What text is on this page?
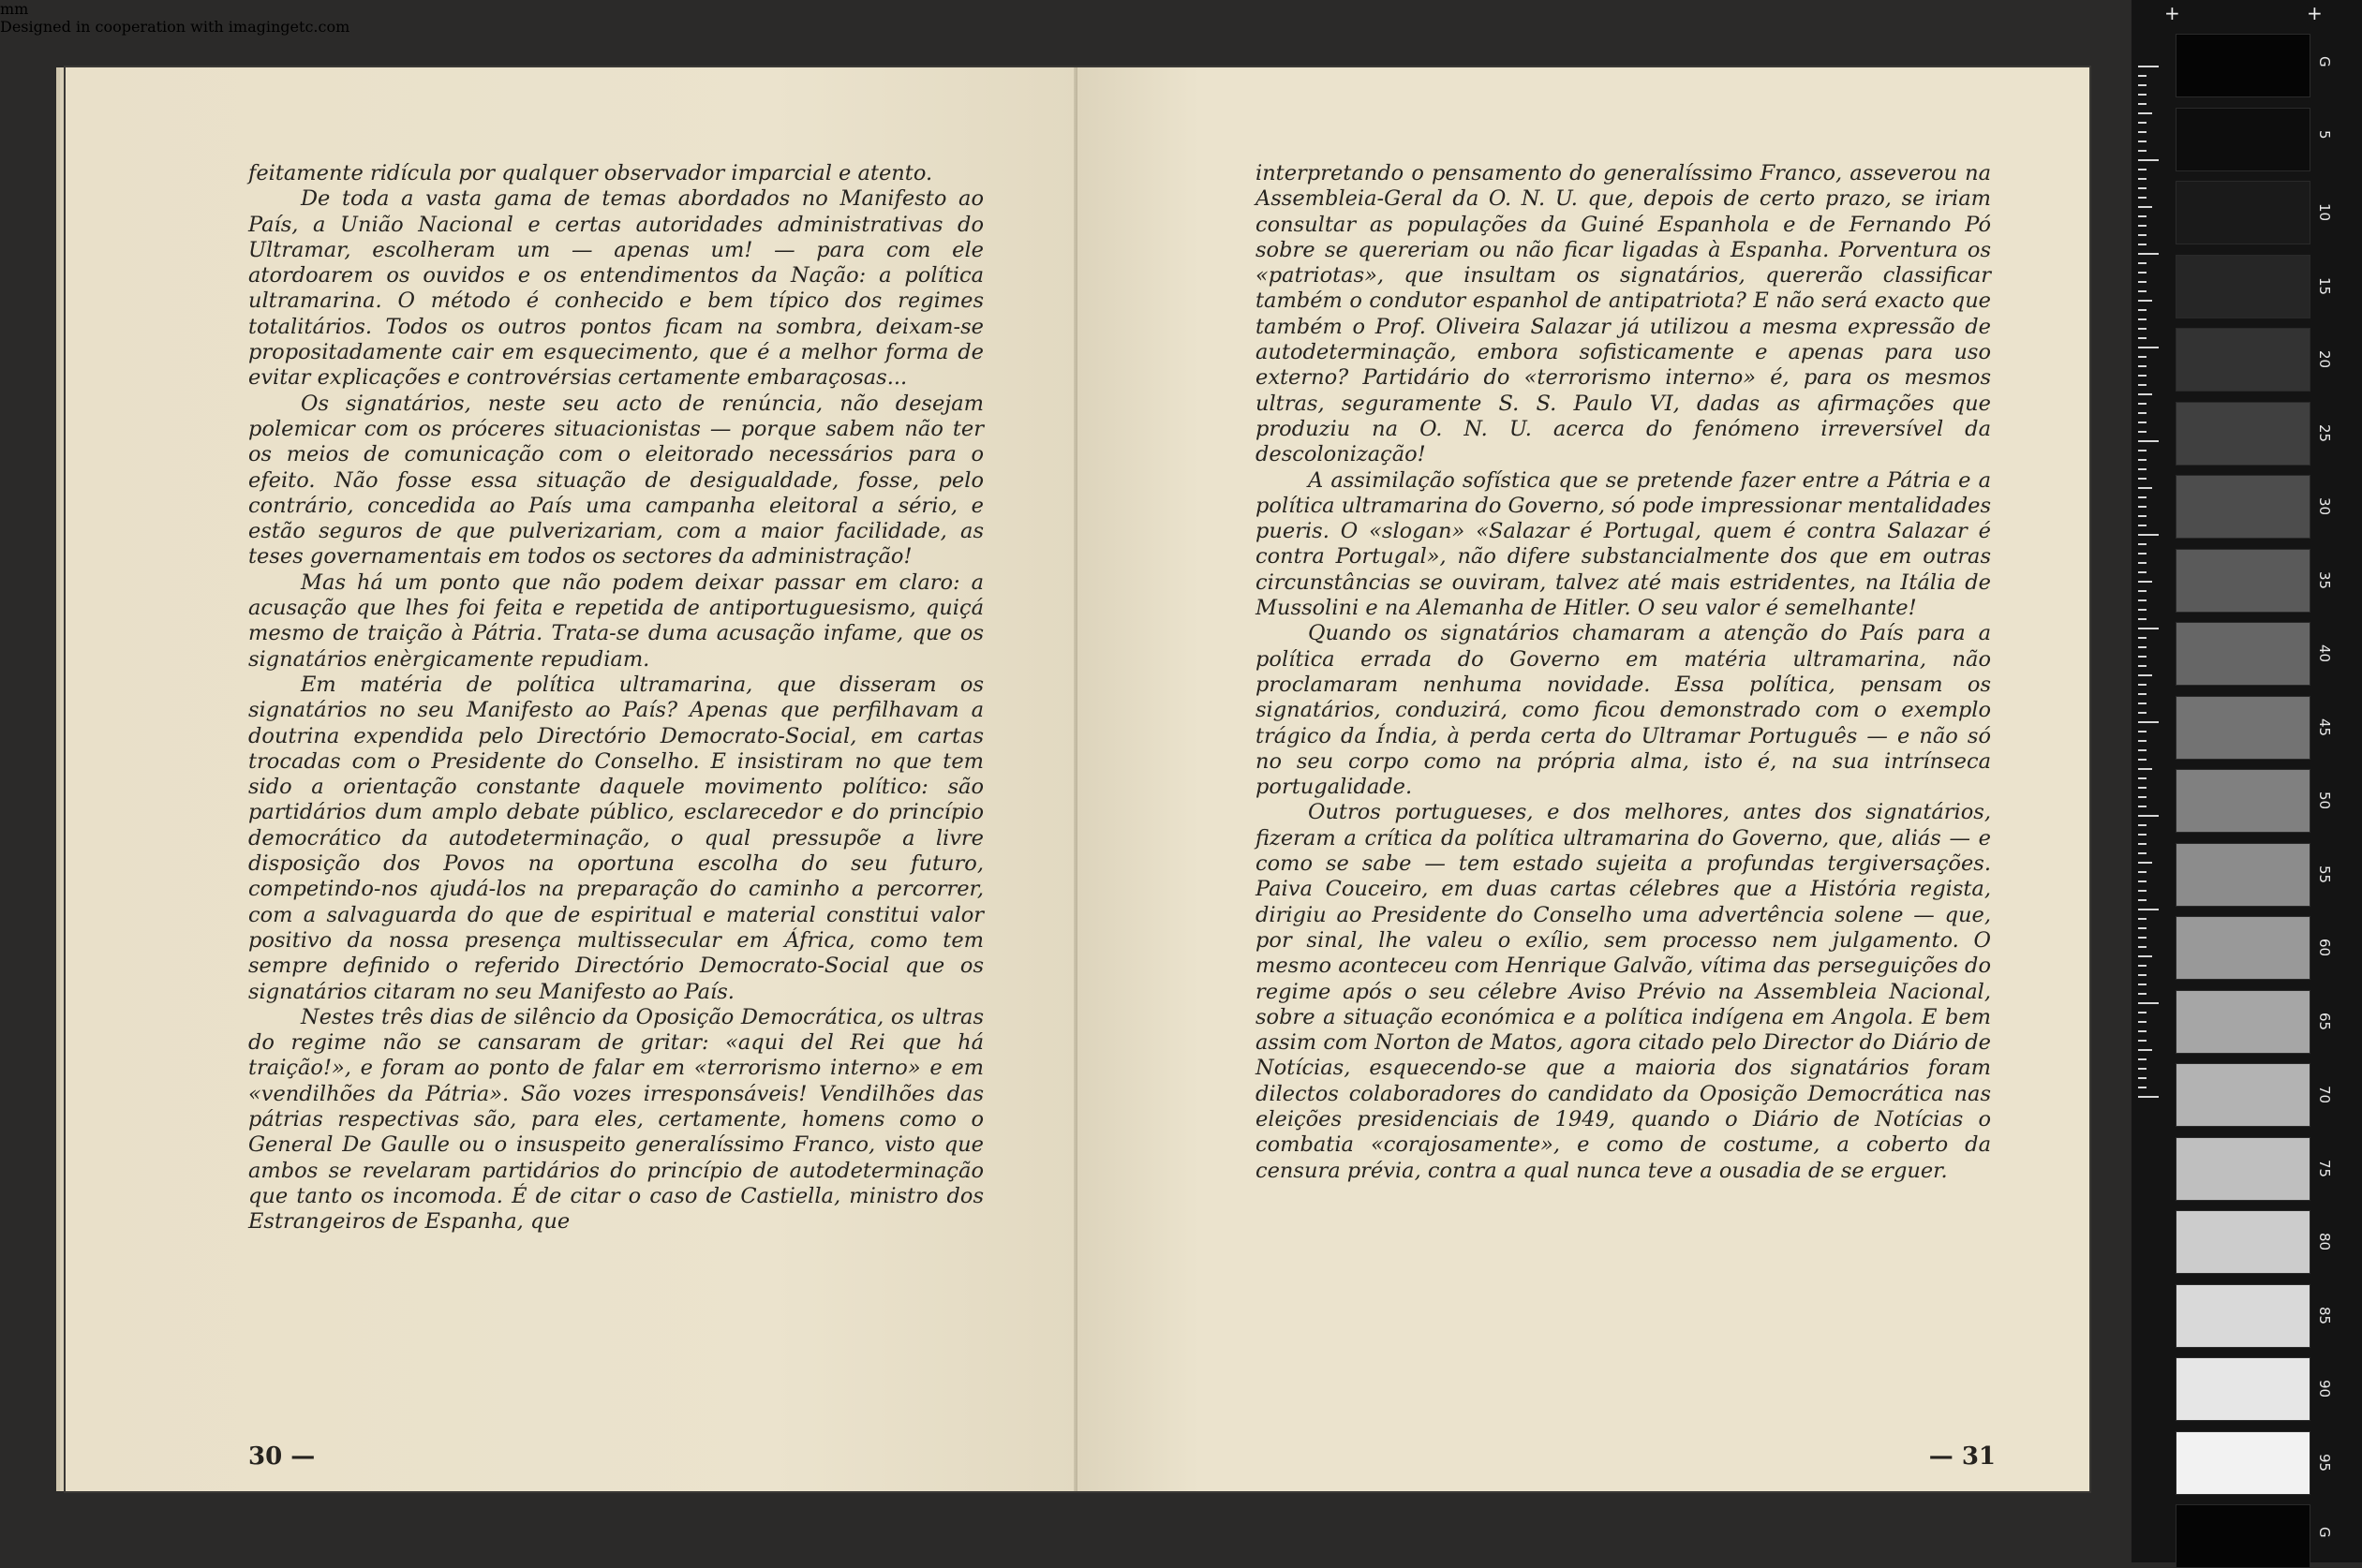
feitamente ridícula por qualquer observador imparcial e atento.

De toda a vasta gama de temas abordados no Manifesto ao País, a União Nacional e certas autoridades administrativas do Ultramar, escolheram um — apenas um! — para com ele atordoarem os ouvidos e os entendimentos da Nação: a política ultramarina. O método é conhecido e bem típico dos regimes totalitários. Todos os outros pontos ficam na sombra, deixam-se propositadamente cair em esquecimento, que é a melhor forma de evitar explicações e controvérsias certamente embaraçosas...

Os signatários, neste seu acto de renúncia, não desejam polemicar com os próceres situacionistas — porque sabem não ter os meios de comunicação com o eleitorado necessários para o efeito. Não fosse essa situação de desigualdade, fosse, pelo contrário, concedida ao País uma campanha eleitoral a sério, e estão seguros de que pulverizariam, com a maior facilidade, as teses governamentais em todos os sectores da administração!

Mas há um ponto que não podem deixar passar em claro: a acusação que lhes foi feita e repetida de antiportuguesismo, quiçá mesmo de traição à Pátria. Trata-se duma acusação infame, que os signatários enèrgicamente repudiam.

Em matéria de política ultramarina, que disseram os signatários no seu Manifesto ao País? Apenas que perfilhavam a doutrina expendida pelo Directório Democrato-Social, em cartas trocadas com o Presidente do Conselho. E insistiram no que tem sido a orientação constante daquele movimento político: são partidários dum amplo debate público, esclarecedor e do princípio democrático da autodeterminação, o qual pressupõe a livre disposição dos Povos na oportuna escolha do seu futuro, competindo-nos ajudá-los na preparação do caminho a percorrer, com a salvaguarda do que de espiritual e material constitui valor positivo da nossa presença multissecular em África, como tem sempre definido o referido Directório Democrato-Social que os signatários citaram no seu Manifesto ao País.

Nestes três dias de silêncio da Oposição Democrática, os ultras do regime não se cansaram de gritar: «aqui del Rei que há traição!», e foram ao ponto de falar em «terrorismo interno» e em «vendilhões da Pátria». São vozes irresponsáveis! Vendilhões das pátrias respectivas são, para eles, certamente, homens como o General De Gaulle ou o insuspeito generalíssimo Franco, visto que ambos se revelaram partidários do princípio de autodeterminação que tanto os incomoda. É de citar o caso de Castiella, ministro dos Estrangeiros de Espanha, que

30 —

interpretando o pensamento do generalíssimo Franco, asseverou na Assembleia-Geral da O. N. U. que, depois de certo prazo, se iriam consultar as populações da Guiné Espanhola e de Fernando Pó sobre se quereriam ou não ficar ligadas à Espanha. Porventura os «patriotas», que insultam os signatários, quererão classificar também o condutor espanhol de antipatriota? E não será exacto que também o Prof. Oliveira Salazar já utilizou a mesma expressão de autodeterminação, embora sofisticamente e apenas para uso externo? Partidário do «terrorismo interno» é, para os mesmos ultras, seguramente S. S. Paulo VI, dadas as afirmações que produziu na O. N. U. acerca do fenómeno irreversível da descolonização!

A assimilação sofística que se pretende fazer entre a Pátria e a política ultramarina do Governo, só pode impressionar mentalidades pueris. O «slogan» «Salazar é Portugal, quem é contra Salazar é contra Portugal», não difere substancialmente dos que em outras circunstâncias se ouviram, talvez até mais estridentes, na Itália de Mussolini e na Alemanha de Hitler. O seu valor é semelhante!

Quando os signatários chamaram a atenção do País para a política errada do Governo em matéria ultramarina, não proclamaram nenhuma novidade. Essa política, pensam os signatários, conduzirá, como ficou demonstrado com o exemplo trágico da Índia, à perda certa do Ultramar Português — e não só no seu corpo como na própria alma, isto é, na sua intrínseca portugalidade.

Outros portugueses, e dos melhores, antes dos signatários, fizeram a crítica da política ultramarina do Governo, que, aliás — e como se sabe — tem estado sujeita a profundas tergiversações. Paiva Couceiro, em duas cartas célebres que a História regista, dirigiu ao Presidente do Conselho uma advertência solene — que, por sinal, lhe valeu o exílio, sem processo nem julgamento. O mesmo aconteceu com Henrique Galvão, vítima das perseguições do regime após o seu célebre Aviso Prévio na Assembleia Nacional, sobre a situação económica e a política indígena em Angola. E bem assim com Norton de Matos, agora citado pelo Director do Diário de Notícias, esquecendo-se que a maioria dos signatários foram dilectos colaboradores do candidato da Oposição Democrática nas eleições presidenciais de 1949, quando o Diário de Notícias o combatia «corajosamente», e como de costume, a coberto da censura prévia, contra a qual nunca teve a ousadia de se erguer.

— 31
+	+
mm
Designed in cooperation with imagingetc.com
G
5
10
15
20
25
30
35
40
45
50
55
60
65
70
75
80
85
90
95
G
